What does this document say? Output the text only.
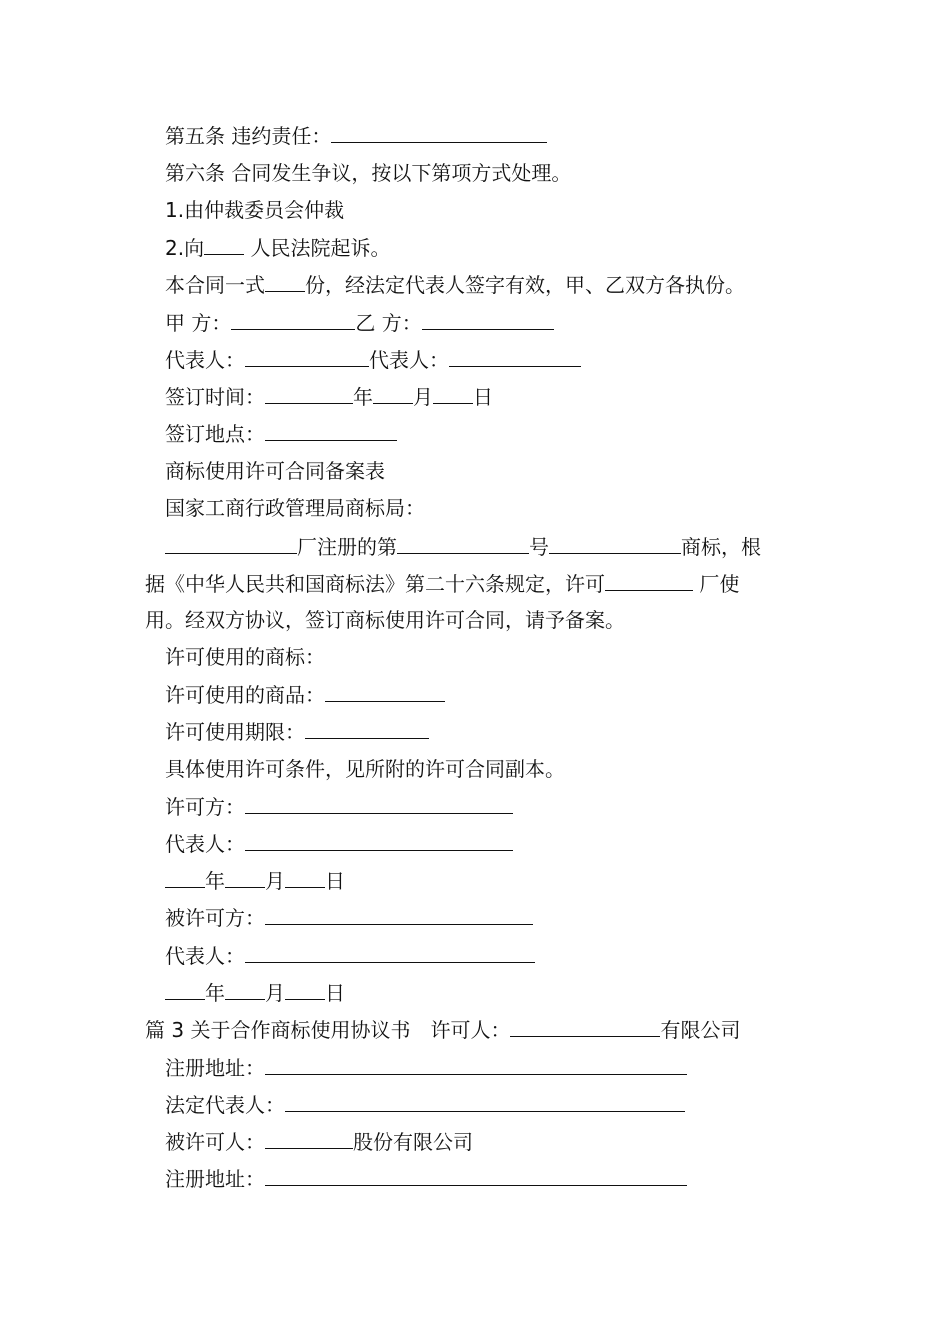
第五条 违约责任：
第六条 合同发生争议，按以下第项方式处理。
1.由仲裁委员会仲裁
2.向 人民法院起诉。
本合同一式 份，经法定代表人签字有效，甲、乙双方各执份。
甲 方：	乙 方：
代表人：	代表人：
签订时间：	年 月 日
签订地点：
商标使用许可合同备案表
国家工商行政管理局商标局：
厂注册的第	号	商标，根
据《中华人民共和国商标法》第二十六条规定，许可	厂使
用。经双方协议，签订商标使用许可合同，请予备案。
许可使用的商标：
许可使用的商品：
许可使用期限：
具体使用许可条件，见所附的许可合同副本。
许可方：
代表人：
年 月 日
被许可方：
代表人：
年 月 日
篇 3 关于合作商标使用协议书 许可人：	有限公司
注册地址：
法定代表人：
被许可人：	股份有限公司
注册地址：
